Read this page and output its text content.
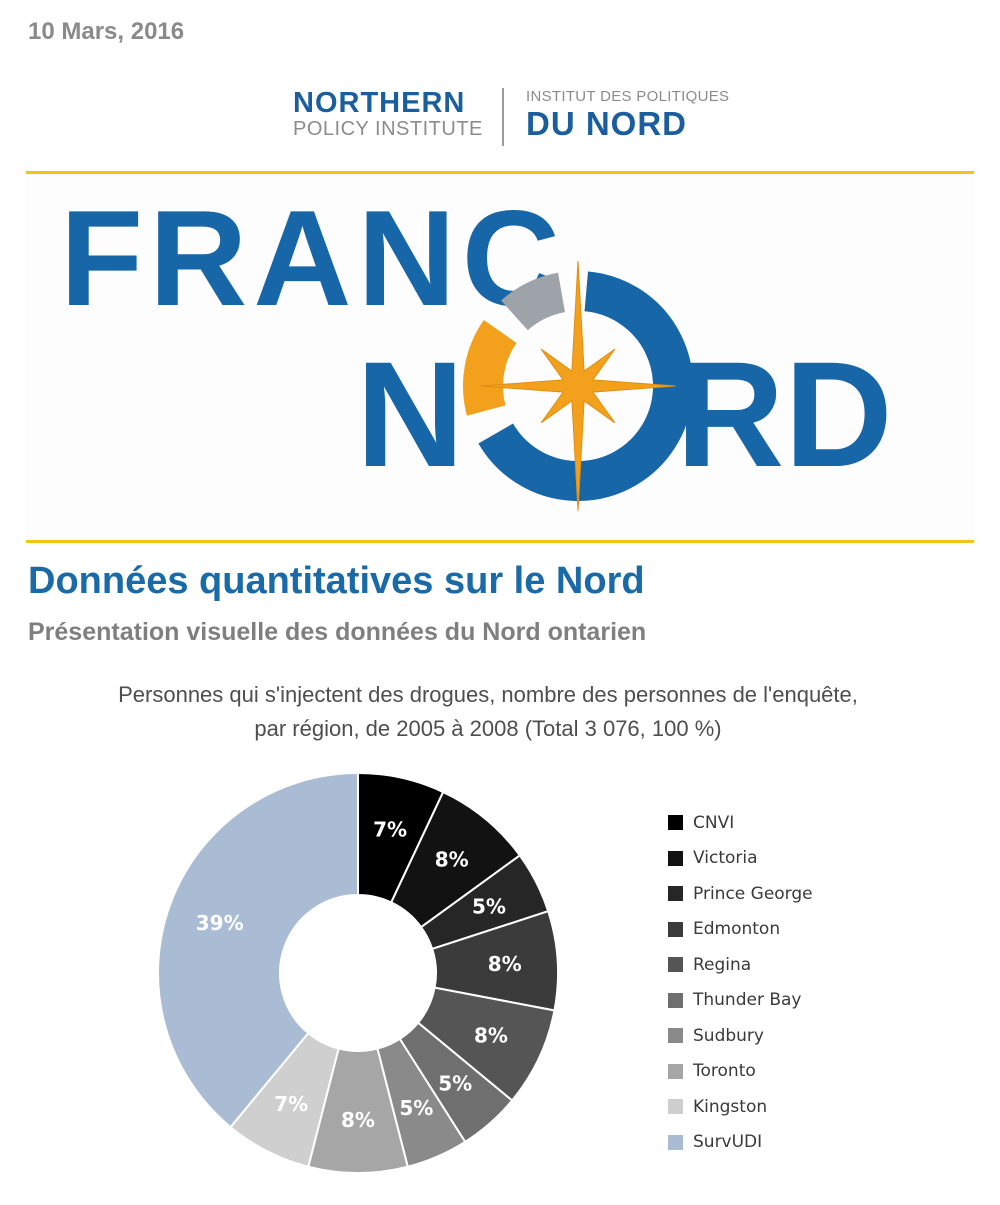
10 Mars, 2016
NORTHERN
POLICY INSTITUTE
INSTITUT DES POLITIQUES
DU NORD
FRANC
N RD
Données quantitatives sur le Nord
Présentation visuelle des données du Nord ontarien
Personnes qui s'injectent des drogues, nombre des personnes de l'enquête,
par région, de 2005 à 2008 (Total 3 076, 100 %)
7%
8%
5%
8%
8%
5%
5%
8%
7%
39%
CNVI
Victoria
Prince George
Edmonton
Regina
Thunder Bay
Sudbury
Toronto
Kingston
SurvUDI
